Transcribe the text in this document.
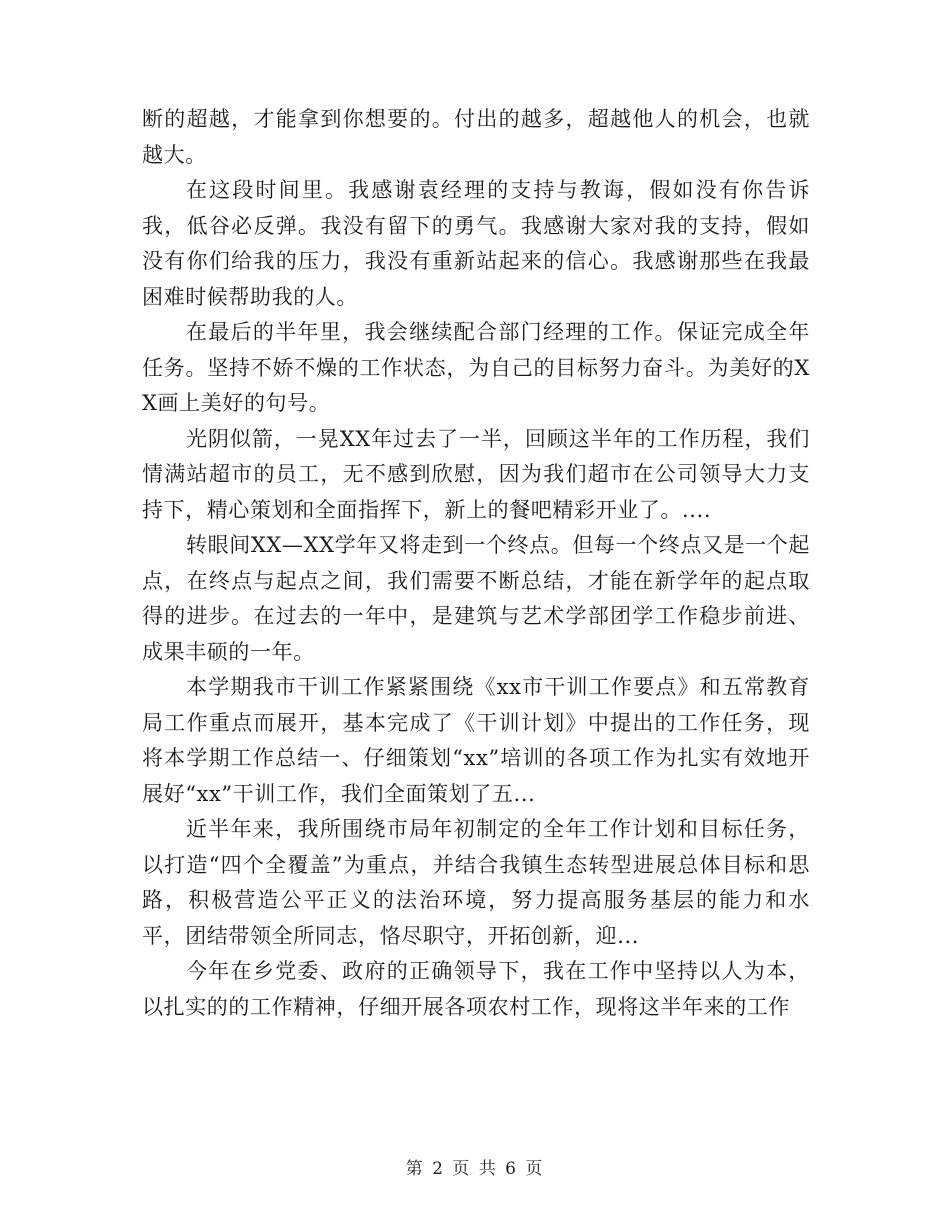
断的超越，才能拿到你想要的。付出的越多，超越他人的机会，也就越大。

在这段时间里。我感谢袁经理的支持与教诲，假如没有你告诉我，低谷必反弹。我没有留下的勇气。我感谢大家对我的支持，假如没有你们给我的压力，我没有重新站起来的信心。我感谢那些在我最困难时候帮助我的人。

在最后的半年里，我会继续配合部门经理的工作。保证完成全年任务。坚持不娇不燥的工作状态，为自己的目标努力奋斗。为美好的XX画上美好的句号。

光阴似箭，一晃XX年过去了一半，回顾这半年的工作历程，我们情满站超市的员工，无不感到欣慰，因为我们超市在公司领导大力支持下，精心策划和全面指挥下，新上的餐吧精彩开业了。....

转眼间XX—XX学年又将走到一个终点。但每一个终点又是一个起点，在终点与起点之间，我们需要不断总结，才能在新学年的起点取得的进步。在过去的一年中，是建筑与艺术学部团学工作稳步前进、成果丰硕的一年。

本学期我市干训工作紧紧围绕《xx市干训工作要点》和五常教育局工作重点而展开，基本完成了《干训计划》中提出的工作任务，现将本学期工作总结一、仔细策划“xx”培训的各项工作为扎实有效地开展好“xx”干训工作，我们全面策划了五...

近半年来，我所围绕市局年初制定的全年工作计划和目标任务，以打造“四个全覆盖”为重点，并结合我镇生态转型进展总体目标和思路，积极营造公平正义的法治环境，努力提高服务基层的能力和水平，团结带领全所同志，恪尽职守，开拓创新，迎...

今年在乡党委、政府的正确领导下，我在工作中坚持以人为本，以扎实的的工作精神，仔细开展各项农村工作，现将这半年来的工作

第 2 页 共 6 页
